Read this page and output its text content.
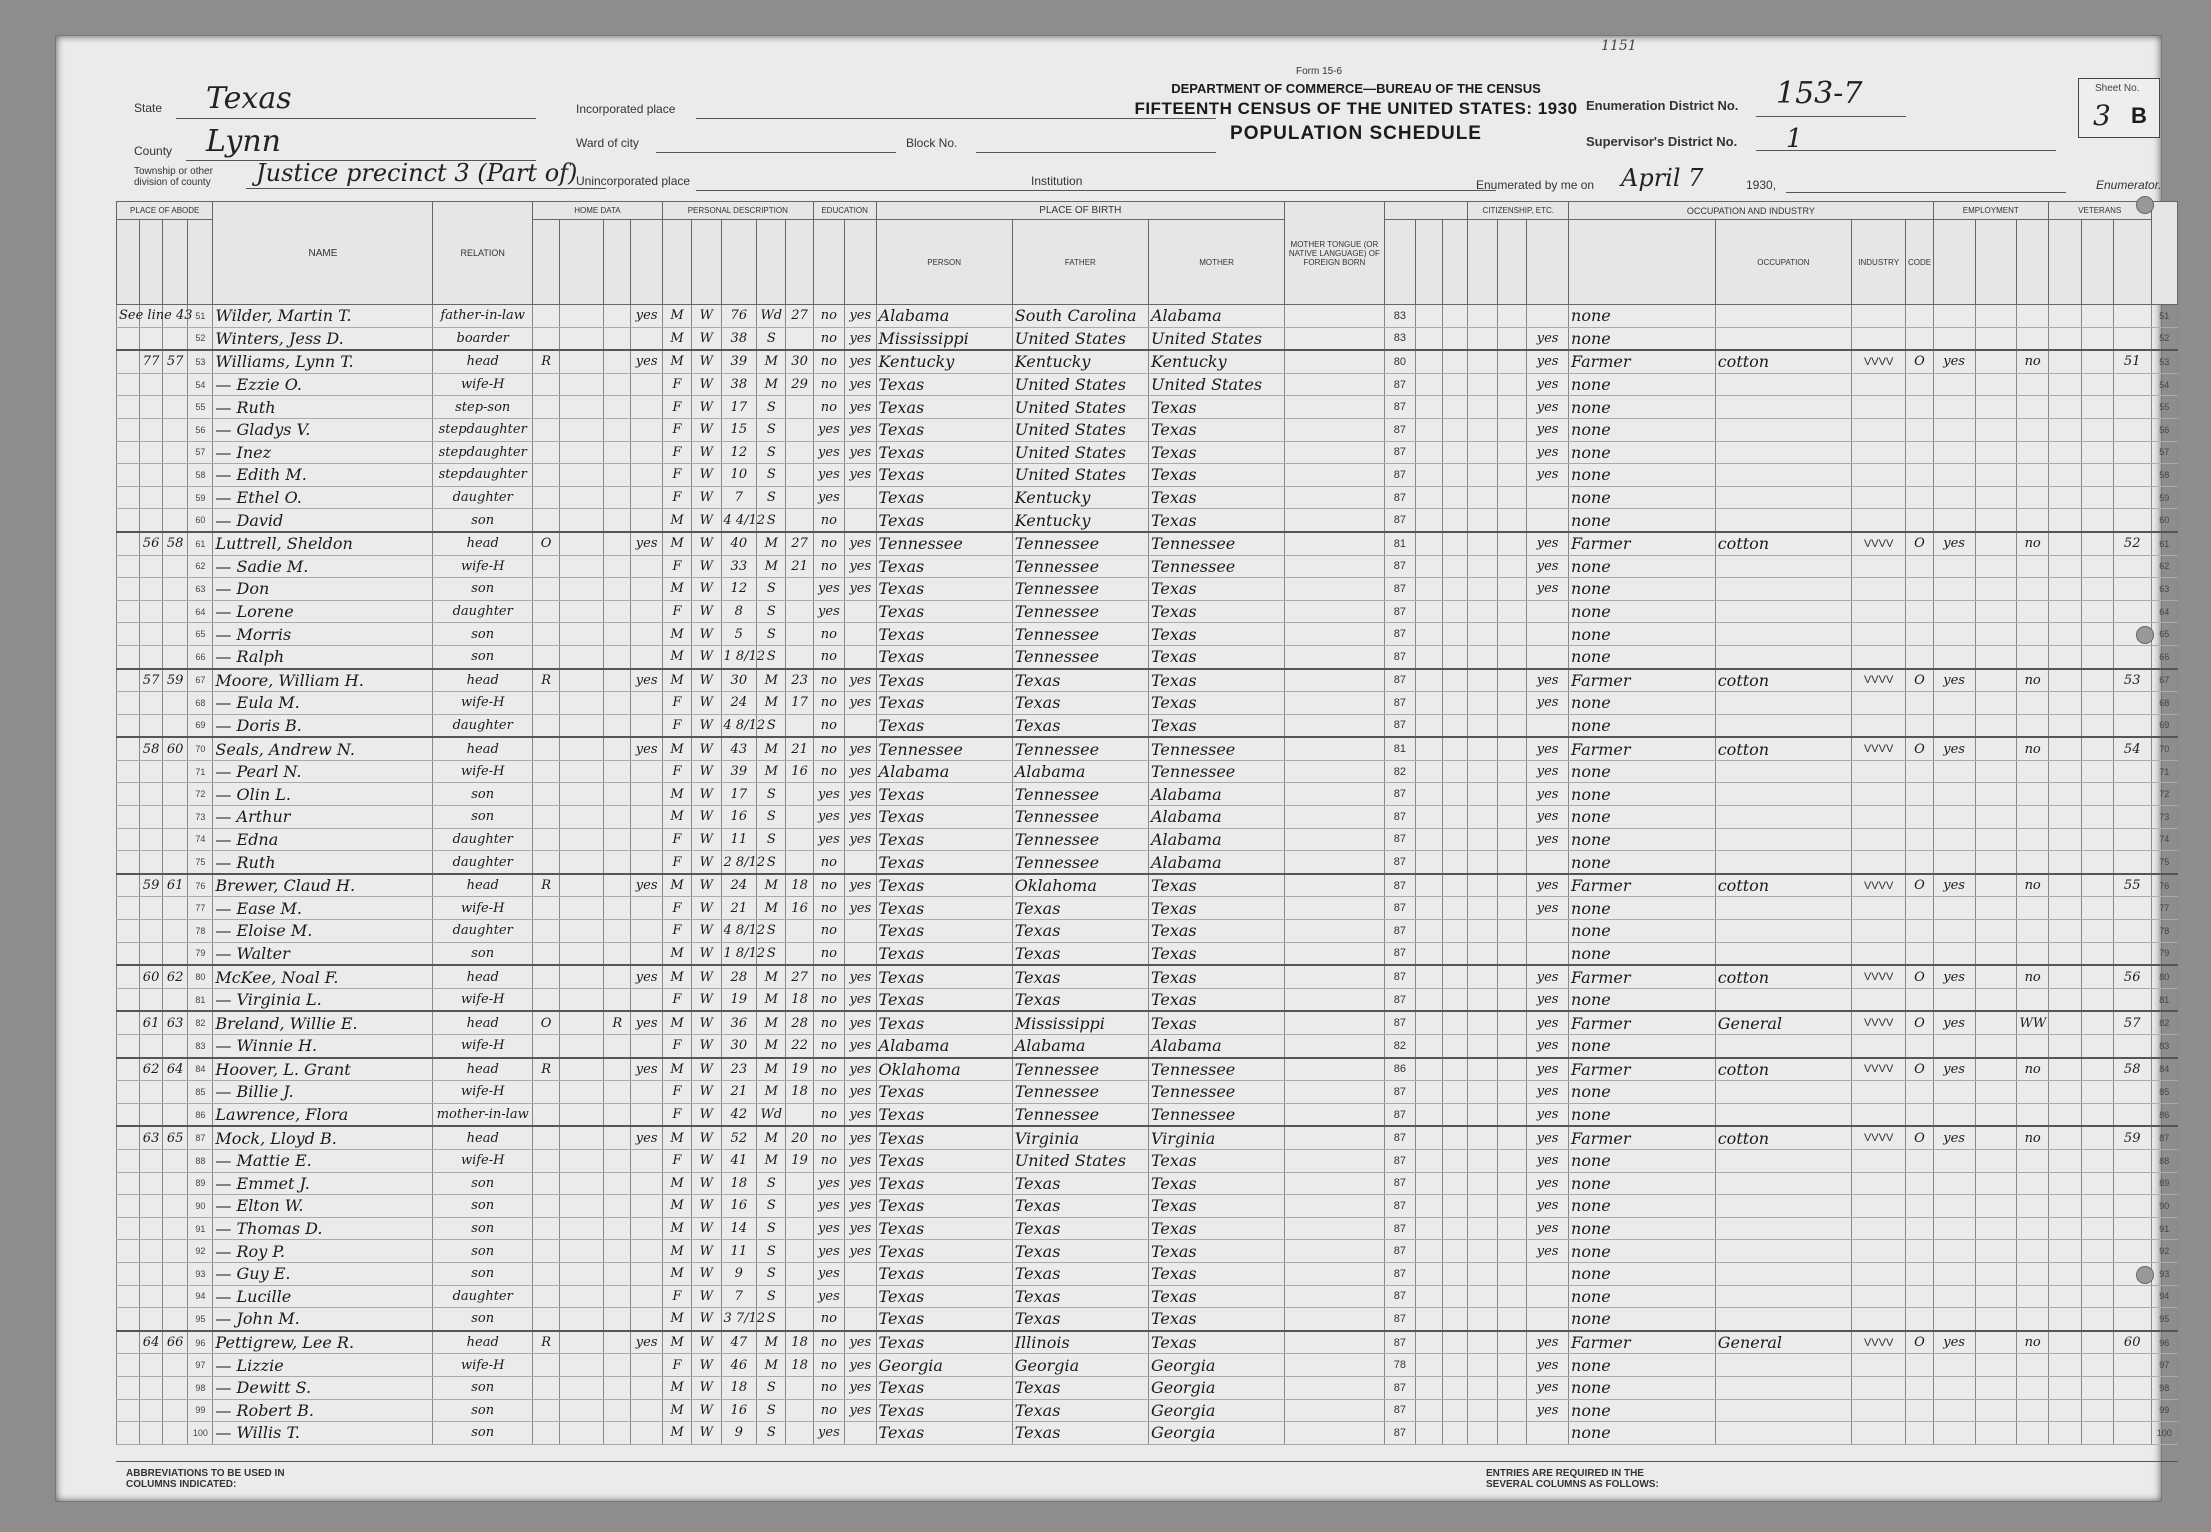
1151
Form 15-6
DEPARTMENT OF COMMERCE—BUREAU OF THE CENSUS
FIFTEENTH CENSUS OF THE UNITED STATES: 1930
POPULATION SCHEDULE
State Texas
County Lynn
Township or other division of county	Justice precinct 3 (Part of)
Incorporated place
Ward of city	Block No.
Unincorporated place	Institution
Enumeration District No. 153-7
Supervisor's District No. 1
Sheet No.
3 B
Enumerated by me on April 7	1930,	Enumerator.
PLACE OF ABODE				NAME	RELATION	HOME DATA				PERSONAL DESCRIPTION					EDUCATION		PLACE OF BIRTH			MOTHER TONGUE (OR NATIVE LANGUAGE) OF FOREIGN BORN				CITIZENSHIP, ETC.			OCCUPATION AND INDUSTRY				EMPLOYMENT			VETERANS			
																	PERSON	FATHER	MOTHER									OCCUPATION	INDUSTRY	CODE							
See line 43			51	Wilder, Martin T.	father-in-law				yes	M	W	76	Wd	27	no	yes	Alabama	South Carolina	Alabama		83						none										51
			52	Winters, Jess D.	boarder					M	W	38	S		no	yes	Mississippi	United States	United States		83					yes	none										52
	77	57	53	Williams, Lynn T.	head	R			yes	M	W	39	M	30	no	yes	Kentucky	Kentucky	Kentucky		80					yes	Farmer	cotton	VVVV	O	yes		no			51	53
			54	— Ezzie O.	wife-H					F	W	38	M	29	no	yes	Texas	United States	United States		87					yes	none										54
			55	— Ruth	step-son					F	W	17	S		no	yes	Texas	United States	Texas		87					yes	none										55
			56	— Gladys V.	stepdaughter					F	W	15	S		yes	yes	Texas	United States	Texas		87					yes	none										56
			57	— Inez	stepdaughter					F	W	12	S		yes	yes	Texas	United States	Texas		87					yes	none										57
			58	— Edith M.	stepdaughter					F	W	10	S		yes	yes	Texas	United States	Texas		87					yes	none										58
			59	— Ethel O.	daughter					F	W	7	S		yes		Texas	Kentucky	Texas		87						none										59
			60	— David	son					M	W	4 4/12	S		no		Texas	Kentucky	Texas		87						none										60
	56	58	61	Luttrell, Sheldon	head	O			yes	M	W	40	M	27	no	yes	Tennessee	Tennessee	Tennessee		81					yes	Farmer	cotton	VVVV	O	yes		no			52	61
			62	— Sadie M.	wife-H					F	W	33	M	21	no	yes	Texas	Tennessee	Tennessee		87					yes	none										62
			63	— Don	son					M	W	12	S		yes	yes	Texas	Tennessee	Texas		87					yes	none										63
			64	— Lorene	daughter					F	W	8	S		yes		Texas	Tennessee	Texas		87						none										64
			65	— Morris	son					M	W	5	S		no		Texas	Tennessee	Texas		87						none										65
			66	— Ralph	son					M	W	1 8/12	S		no		Texas	Tennessee	Texas		87						none										66
	57	59	67	Moore, William H.	head	R			yes	M	W	30	M	23	no	yes	Texas	Texas	Texas		87					yes	Farmer	cotton	VVVV	O	yes		no			53	67
			68	— Eula M.	wife-H					F	W	24	M	17	no	yes	Texas	Texas	Texas		87					yes	none										68
			69	— Doris B.	daughter					F	W	4 8/12	S		no		Texas	Texas	Texas		87						none										69
	58	60	70	Seals, Andrew N.	head				yes	M	W	43	M	21	no	yes	Tennessee	Tennessee	Tennessee		81					yes	Farmer	cotton	VVVV	O	yes		no			54	70
			71	— Pearl N.	wife-H					F	W	39	M	16	no	yes	Alabama	Alabama	Tennessee		82					yes	none										71
			72	— Olin L.	son					M	W	17	S		yes	yes	Texas	Tennessee	Alabama		87					yes	none										72
			73	— Arthur	son					M	W	16	S		yes	yes	Texas	Tennessee	Alabama		87					yes	none										73
			74	— Edna	daughter					F	W	11	S		yes	yes	Texas	Tennessee	Alabama		87					yes	none										74
			75	— Ruth	daughter					F	W	2 8/12	S		no		Texas	Tennessee	Alabama		87						none										75
	59	61	76	Brewer, Claud H.	head	R			yes	M	W	24	M	18	no	yes	Texas	Oklahoma	Texas		87					yes	Farmer	cotton	VVVV	O	yes		no			55	76
			77	— Ease M.	wife-H					F	W	21	M	16	no	yes	Texas	Texas	Texas		87					yes	none										77
			78	— Eloise M.	daughter					F	W	4 8/12	S		no		Texas	Texas	Texas		87						none										78
			79	— Walter	son					M	W	1 8/12	S		no		Texas	Texas	Texas		87						none										79
	60	62	80	McKee, Noal F.	head				yes	M	W	28	M	27	no	yes	Texas	Texas	Texas		87					yes	Farmer	cotton	VVVV	O	yes		no			56	80
			81	— Virginia L.	wife-H					F	W	19	M	18	no	yes	Texas	Texas	Texas		87					yes	none										81
	61	63	82	Breland, Willie E.	head	O		R	yes	M	W	36	M	28	no	yes	Texas	Mississippi	Texas		87					yes	Farmer	General	VVVV	O	yes		WW			57	82
			83	— Winnie H.	wife-H					F	W	30	M	22	no	yes	Alabama	Alabama	Alabama		82					yes	none										83
	62	64	84	Hoover, L. Grant	head	R			yes	M	W	23	M	19	no	yes	Oklahoma	Tennessee	Tennessee		86					yes	Farmer	cotton	VVVV	O	yes		no			58	84
			85	— Billie J.	wife-H					F	W	21	M	18	no	yes	Texas	Tennessee	Tennessee		87					yes	none										85
			86	Lawrence, Flora	mother-in-law					F	W	42	Wd		no	yes	Texas	Tennessee	Tennessee		87					yes	none										86
	63	65	87	Mock, Lloyd B.	head				yes	M	W	52	M	20	no	yes	Texas	Virginia	Virginia		87					yes	Farmer	cotton	VVVV	O	yes		no			59	87
			88	— Mattie E.	wife-H					F	W	41	M	19	no	yes	Texas	United States	Texas		87					yes	none										88
			89	— Emmet J.	son					M	W	18	S		yes	yes	Texas	Texas	Texas		87					yes	none										89
			90	— Elton W.	son					M	W	16	S		yes	yes	Texas	Texas	Texas		87					yes	none										90
			91	— Thomas D.	son					M	W	14	S		yes	yes	Texas	Texas	Texas		87					yes	none										91
			92	— Roy P.	son					M	W	11	S		yes	yes	Texas	Texas	Texas		87					yes	none										92
			93	— Guy E.	son					M	W	9	S		yes		Texas	Texas	Texas		87						none										93
			94	— Lucille	daughter					F	W	7	S		yes		Texas	Texas	Texas		87						none										94
			95	— John M.	son					M	W	3 7/12	S		no		Texas	Texas	Texas		87						none										95
	64	66	96	Pettigrew, Lee R.	head	R			yes	M	W	47	M	18	no	yes	Texas	Illinois	Texas		87					yes	Farmer	General	VVVV	O	yes		no			60	96
			97	— Lizzie	wife-H					F	W	46	M	18	no	yes	Georgia	Georgia	Georgia		78					yes	none										97
			98	— Dewitt S.	son					M	W	18	S		no	yes	Texas	Texas	Georgia		87					yes	none										98
			99	— Robert B.	son					M	W	16	S		no	yes	Texas	Texas	Georgia		87					yes	none										99
			100	— Willis T.	son					M	W	9	S		yes		Texas	Texas	Georgia		87						none										100
ABBREVIATIONS TO BE USED IN COLUMNS INDICATED:
ENTRIES ARE REQUIRED IN THE SEVERAL COLUMNS AS FOLLOWS:
